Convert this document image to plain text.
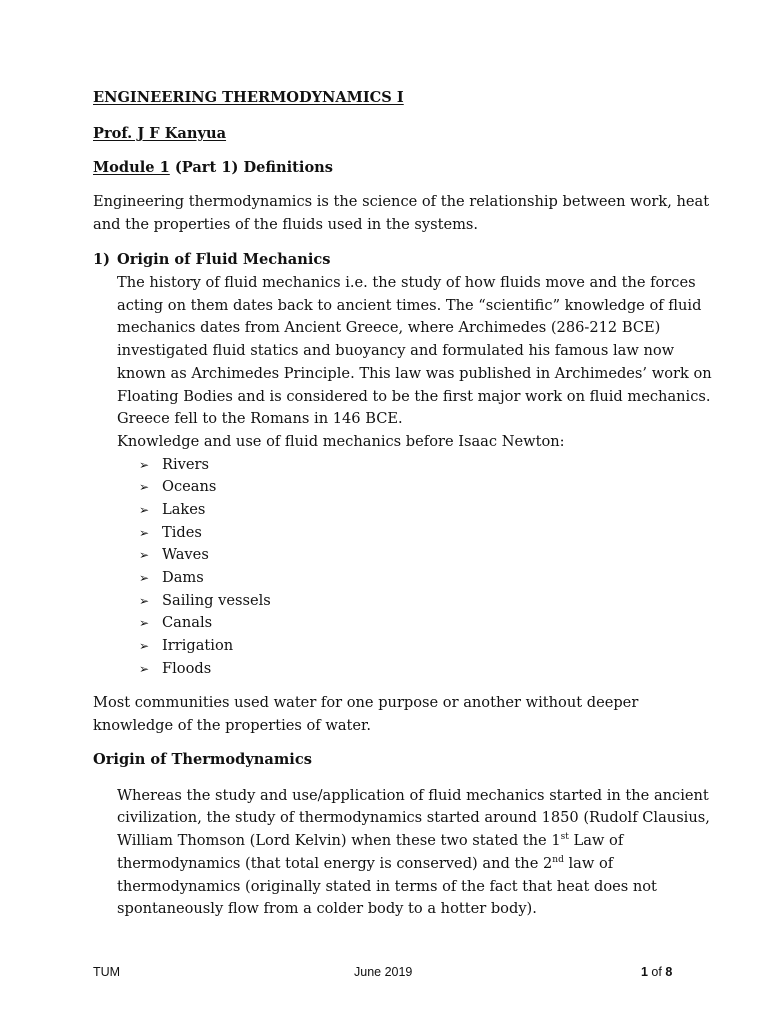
ENGINEERING THERMODYNAMICS I
Prof. J F Kanyua
Module 1 (Part 1) Definitions
Engineering thermodynamics is the science of the relationship between work, heat
and the properties of the fluids used in the systems.
1) Origin of Fluid Mechanics
The history of fluid mechanics i.e. the study of how fluids move and the forces
acting on them dates back to ancient times. The “scientific” knowledge of fluid
mechanics dates from Ancient Greece, where Archimedes (286-212 BCE)
investigated fluid statics and buoyancy and formulated his famous law now
known as Archimedes Principle. This law was published in Archimedes’ work on
Floating Bodies and is considered to be the first major work on fluid mechanics.
Greece fell to the Romans in 146 BCE.
Knowledge and use of fluid mechanics before Isaac Newton:
➢ Rivers
➢ Oceans
➢ Lakes
➢ Tides
➢ Waves
➢ Dams
➢ Sailing vessels
➢ Canals
➢ Irrigation
➢ Floods
Most communities used water for one purpose or another without deeper
knowledge of the properties of water.
Origin of Thermodynamics
Whereas the study and use/application of fluid mechanics started in the ancient
civilization, the study of thermodynamics started around 1850 (Rudolf Clausius,
William Thomson (Lord Kelvin) when these two stated the 1st Law of
thermodynamics (that total energy is conserved) and the 2nd law of
thermodynamics (originally stated in terms of the fact that heat does not
spontaneously flow from a colder body to a hotter body).
TUM	June 2019	1 of 8
